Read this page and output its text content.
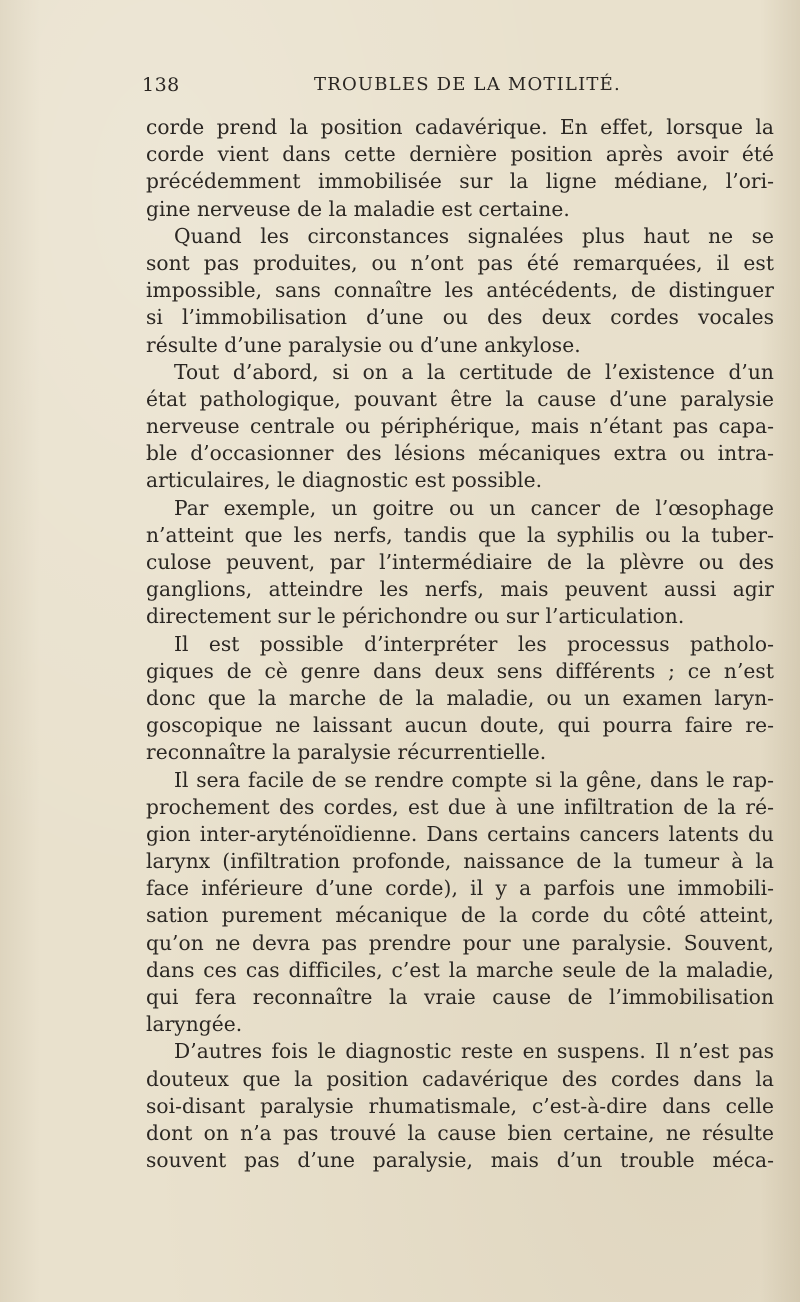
138	TROUBLES DE LA MOTILITÉ.

corde prend la position cadavérique. En effet, lorsque la
corde vient dans cette dernière position après avoir été
précédemment immobilisée sur la ligne médiane, l’ori-
gine nerveuse de la maladie est certaine.

Quand les circonstances signalées plus haut ne se
sont pas produites, ou n’ont pas été remarquées, il est
impossible, sans connaître les antécédents, de distinguer
si l’immobilisation d’une ou des deux cordes vocales
résulte d’une paralysie ou d’une ankylose.

Tout d’abord, si on a la certitude de l’existence d’un
état pathologique, pouvant être la cause d’une paralysie
nerveuse centrale ou périphérique, mais n’étant pas capa-
ble d’occasionner des lésions mécaniques extra ou intra-
articulaires, le diagnostic est possible.

Par exemple, un goitre ou un cancer de l’œsophage
n’atteint que les nerfs, tandis que la syphilis ou la tuber-
culose peuvent, par l’intermédiaire de la plèvre ou des
ganglions, atteindre les nerfs, mais peuvent aussi agir
directement sur le périchondre ou sur l’articulation.

Il est possible d’interpréter les processus patholo-
giques de cè genre dans deux sens différents ; ce n’est
donc que la marche de la maladie, ou un examen laryn-
goscopique ne laissant aucun doute, qui pourra faire re-
reconnaître la paralysie récurrentielle.

Il sera facile de se rendre compte si la gêne, dans le rap-
prochement des cordes, est due à une infiltration de la ré-
gion inter-aryténoïdienne. Dans certains cancers latents du
larynx (infiltration profonde, naissance de la tumeur à la
face inférieure d’une corde), il y a parfois une immobili-
sation purement mécanique de la corde du côté atteint,
qu’on ne devra pas prendre pour une paralysie. Souvent,
dans ces cas difficiles, c’est la marche seule de la maladie,
qui fera reconnaître la vraie cause de l’immobilisation
laryngée.

D’autres fois le diagnostic reste en suspens. Il n’est pas
douteux que la position cadavérique des cordes dans la
soi-disant paralysie rhumatismale, c’est-à-dire dans celle
dont on n’a pas trouvé la cause bien certaine, ne résulte
souvent pas d’une paralysie, mais d’un trouble méca-
